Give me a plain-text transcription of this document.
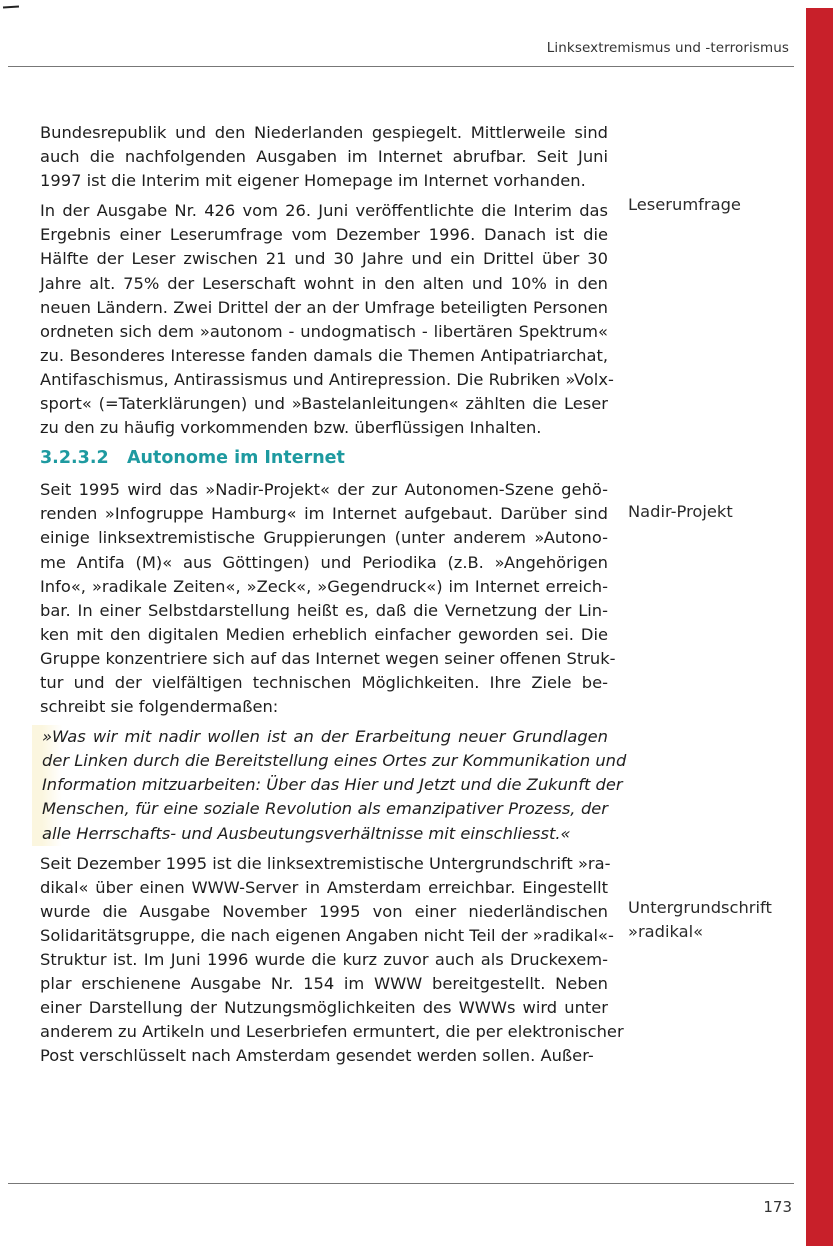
Linksextremismus und -terrorismus

Bundesrepublik und den Niederlanden gespiegelt. Mittlerweile sind
auch die nachfolgenden Ausgaben im Internet abrufbar. Seit Juni
1997 ist die Interim mit eigener Homepage im Internet vorhanden.

In der Ausgabe Nr. 426 vom 26. Juni veröffentlichte die Interim das
Ergebnis einer Leserumfrage vom Dezember 1996. Danach ist die
Hälfte der Leser zwischen 21 und 30 Jahre und ein Drittel über 30
Jahre alt. 75% der Leserschaft wohnt in den alten und 10% in den
neuen Ländern. Zwei Drittel der an der Umfrage beteiligten Personen
ordneten sich dem »autonom - undogmatisch - libertären Spektrum«
zu. Besonderes Interesse fanden damals die Themen Antipatriarchat,
Antifaschismus, Antirassismus und Antirepression. Die Rubriken »Volx-
sport« (=Taterklärungen) und »Bastelanleitungen« zählten die Leser
zu den zu häufig vorkommenden bzw. überflüssigen Inhalten.

3.2.3.2	Autonome im Internet

Seit 1995 wird das »Nadir-Projekt« der zur Autonomen-Szene gehö-
renden »Infogruppe Hamburg« im Internet aufgebaut. Darüber sind
einige linksextremistische Gruppierungen (unter anderem »Autono-
me Antifa (M)« aus Göttingen) und Periodika (z.B. »Angehörigen
Info«, »radikale Zeiten«, »Zeck«, »Gegendruck«) im Internet erreich-
bar. In einer Selbstdarstellung heißt es, daß die Vernetzung der Lin-
ken mit den digitalen Medien erheblich einfacher geworden sei. Die
Gruppe konzentriere sich auf das Internet wegen seiner offenen Struk-
tur und der vielfältigen technischen Möglichkeiten. Ihre Ziele be-
schreibt sie folgendermaßen:

»Was wir mit nadir wollen ist an der Erarbeitung neuer Grundlagen
der Linken durch die Bereitstellung eines Ortes zur Kommunikation und
Information mitzuarbeiten: Über das Hier und Jetzt und die Zukunft der
Menschen, für eine soziale Revolution als emanzipativer Prozess, der
alle Herrschafts- und Ausbeutungsverhältnisse mit einschliesst.«

Seit Dezember 1995 ist die linksextremistische Untergrundschrift »ra-
dikal« über einen WWW-Server in Amsterdam erreichbar. Eingestellt
wurde die Ausgabe November 1995 von einer niederländischen
Solidaritätsgruppe, die nach eigenen Angaben nicht Teil der »radikal«-
Struktur ist. Im Juni 1996 wurde die kurz zuvor auch als Druckexem-
plar erschienene Ausgabe Nr. 154 im WWW bereitgestellt. Neben
einer Darstellung der Nutzungsmöglichkeiten des WWWs wird unter
anderem zu Artikeln und Leserbriefen ermuntert, die per elektronischer
Post verschlüsselt nach Amsterdam gesendet werden sollen. Außer-

Leserumfrage
Nadir-Projekt
Untergrundschrift
»radikal«
173
